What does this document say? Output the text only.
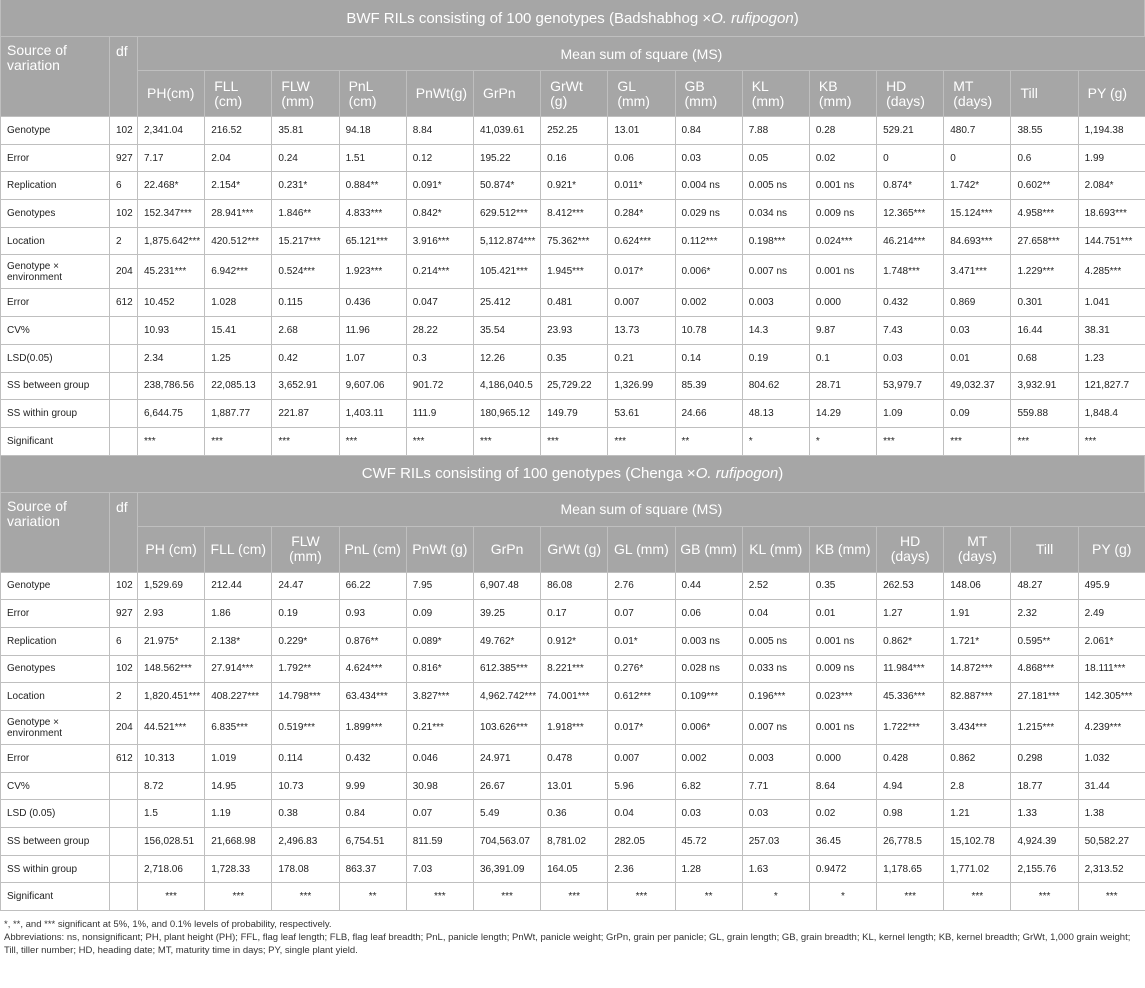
BWF RILs consisting of 100 genotypes (Badshabhog × O. rufipogon )
Source of variation	df	Mean sum of square (MS)														
		PH(cm)	FLL (cm)	FLW (mm)	PnL (cm)	PnWt(g)	GrPn	GrWt (g)	GL (mm)	GB (mm)	KL (mm)	KB (mm)	HD (days)	MT (days)	Till	PY (g)
Genotype	102	2,341.04	216.52	35.81	94.18	8.84	41,039.61	252.25	13.01	0.84	7.88	0.28	529.21	480.7	38.55	1,194.38
Error	927	7.17	2.04	0.24	1.51	0.12	195.22	0.16	0.06	0.03	0.05	0.02	0	0	0.6	1.99
Replication	6	22.468*	2.154*	0.231*	0.884**	0.091*	50.874*	0.921*	0.011*	0.004 ns	0.005 ns	0.001 ns	0.874*	1.742*	0.602**	2.084*
Genotypes	102	152.347***	28.941***	1.846**	4.833***	0.842*	629.512***	8.412***	0.284*	0.029 ns	0.034 ns	0.009 ns	12.365***	15.124***	4.958***	18.693***
Location	2	1,875.642***	420.512***	15.217***	65.121***	3.916***	5,112.874***	75.362***	0.624***	0.112***	0.198***	0.024***	46.214***	84.693***	27.658***	144.751***
Genotype × environment	204	45.231***	6.942***	0.524***	1.923***	0.214***	105.421***	1.945***	0.017*	0.006*	0.007 ns	0.001 ns	1.748***	3.471***	1.229***	4.285***
Error	612	10.452	1.028	0.115	0.436	0.047	25.412	0.481	0.007	0.002	0.003	0.000	0.432	0.869	0.301	1.041
CV%		10.93	15.41	2.68	11.96	28.22	35.54	23.93	13.73	10.78	14.3	9.87	7.43	0.03	16.44	38.31
LSD(0.05)		2.34	1.25	0.42	1.07	0.3	12.26	0.35	0.21	0.14	0.19	0.1	0.03	0.01	0.68	1.23
SS between group		238,786.56	22,085.13	3,652.91	9,607.06	901.72	4,186,040.5	25,729.22	1,326.99	85.39	804.62	28.71	53,979.7	49,032.37	3,932.91	121,827.7
SS within group		6,644.75	1,887.77	221.87	1,403.11	111.9	180,965.12	149.79	53.61	24.66	48.13	14.29	1.09	0.09	559.88	1,848.4
Significant		***	***	***	***	***	***	***	***	**	*	*	***	***	***	***
CWF RILs consisting of 100 genotypes (Chenga × O. rufipogon )
Source of variation	df	Mean sum of square (MS)														
		PH (cm)	FLL (cm)	FLW (mm)	PnL (cm)	PnWt (g)	GrPn	GrWt (g)	GL (mm)	GB (mm)	KL (mm)	KB (mm)	HD (days)	MT (days)	Till	PY (g)
Genotype	102	1,529.69	212.44	24.47	66.22	7.95	6,907.48	86.08	2.76	0.44	2.52	0.35	262.53	148.06	48.27	495.9
Error	927	2.93	1.86	0.19	0.93	0.09	39.25	0.17	0.07	0.06	0.04	0.01	1.27	1.91	2.32	2.49
Replication	6	21.975*	2.138*	0.229*	0.876**	0.089*	49.762*	0.912*	0.01*	0.003 ns	0.005 ns	0.001 ns	0.862*	1.721*	0.595**	2.061*
Genotypes	102	148.562***	27.914***	1.792**	4.624***	0.816*	612.385***	8.221***	0.276*	0.028 ns	0.033 ns	0.009 ns	11.984***	14.872***	4.868***	18.111***
Location	2	1,820.451***	408.227***	14.798***	63.434***	3.827***	4,962.742***	74.001***	0.612***	0.109***	0.196***	0.023***	45.336***	82.887***	27.181***	142.305***
Genotype × environment	204	44.521***	6.835***	0.519***	1.899***	0.21***	103.626***	1.918***	0.017*	0.006*	0.007 ns	0.001 ns	1.722***	3.434***	1.215***	4.239***
Error	612	10.313	1.019	0.114	0.432	0.046	24.971	0.478	0.007	0.002	0.003	0.000	0.428	0.862	0.298	1.032
CV%		8.72	14.95	10.73	9.99	30.98	26.67	13.01	5.96	6.82	7.71	8.64	4.94	2.8	18.77	31.44
LSD (0.05)		1.5	1.19	0.38	0.84	0.07	5.49	0.36	0.04	0.03	0.03	0.02	0.98	1.21	1.33	1.38
SS between group		156,028.51	21,668.98	2,496.83	6,754.51	811.59	704,563.07	8,781.02	282.05	45.72	257.03	36.45	26,778.5	15,102.78	4,924.39	50,582.27
SS within group		2,718.06	1,728.33	178.08	863.37	7.03	36,391.09	164.05	2.36	1.28	1.63	0.9472	1,178.65	1,771.02	2,155.76	2,313.52
Significant		***	***	***	**	***	***	***	***	**	*	*	***	***	***	***
*, **, and *** significant at 5%, 1%, and 0.1% levels of probability, respectively.
Abbreviations: ns, nonsignificant; PH, plant height (PH); FFL, flag leaf length; FLB, flag leaf breadth; PnL, panicle length; PnWt, panicle weight; GrPn, grain per panicle; GL, grain length; GB, grain breadth; KL, kernel length; KB, kernel breadth; GrWt, 1,000 grain weight; Till, tiller number; HD, heading date; MT, maturity time in days; PY, single plant yield.
